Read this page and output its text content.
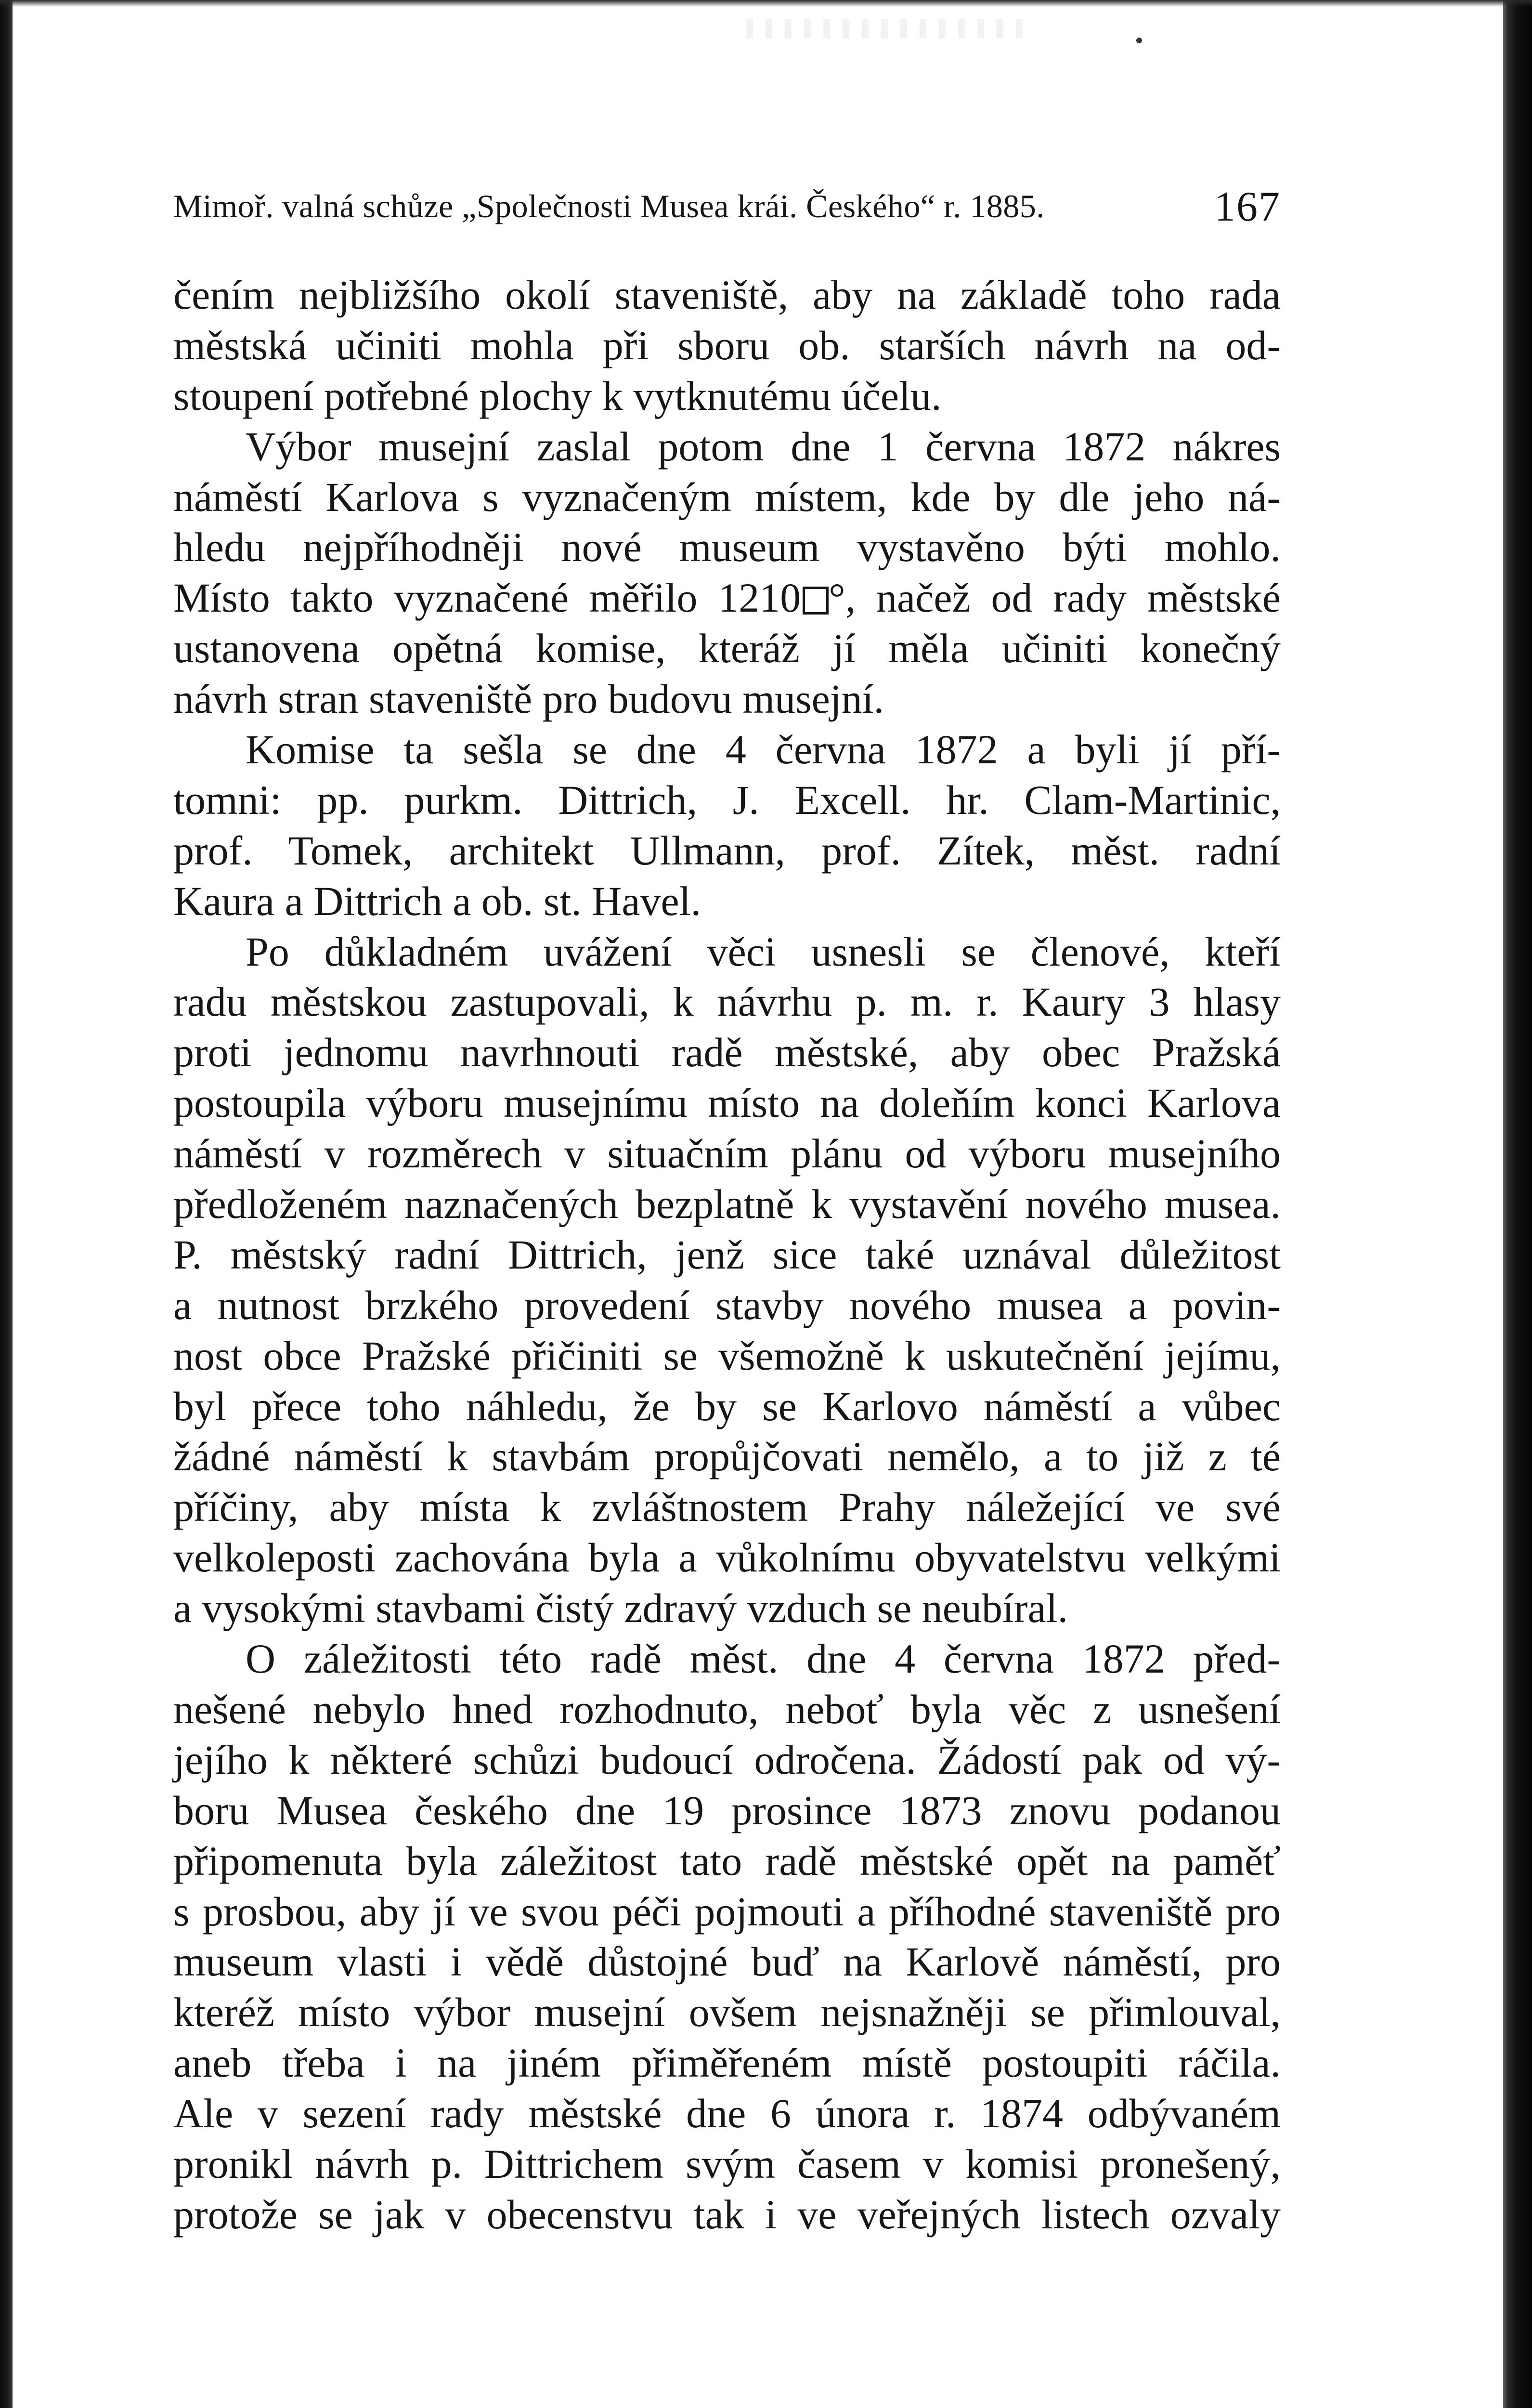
Mimoř. valná schůze „Společnosti Musea krái. Českého“ r. 1885.	167
čením nejbližšího okolí staveniště, aby na základě toho rada
městská učiniti mohla při sboru ob. starších návrh na od-
stoupení potřebné plochy k vytknutému účelu.
Výbor musejní zaslal potom dne 1 června 1872 nákres
náměstí Karlova s vyznačeným místem, kde by dle jeho ná-
hledu nejpříhodněji nové museum vystavěno býti mohlo.
Místo takto vyznačené měřilo 1210 °, načež od rady městské
ustanovena opětná komise, kteráž jí měla učiniti konečný
návrh stran staveniště pro budovu musejní.
Komise ta sešla se dne 4 června 1872 a byli jí pří-
tomni: pp. purkm. Dittrich, J. Excell. hr. Clam-Martinic,
prof. Tomek, architekt Ullmann, prof. Zítek, měst. radní
Kaura a Dittrich a ob. st. Havel.
Po důkladném uvážení věci usnesli se členové, kteří
radu městskou zastupovali, k návrhu p. m. r. Kaury 3 hlasy
proti jednomu navrhnouti radě městské, aby obec Pražská
postoupila výboru musejnímu místo na doleňím konci Karlova
náměstí v rozměrech v situačním plánu od výboru musejního
předloženém naznačených bezplatně k vystavění nového musea.
P. městský radní Dittrich, jenž sice také uznával důležitost
a nutnost brzkého provedení stavby nového musea a povin-
nost obce Pražské přičiniti se všemožně k uskutečnění jejímu,
byl přece toho náhledu, že by se Karlovo náměstí a vůbec
žádné náměstí k stavbám propůjčovati nemělo, a to již z té
příčiny, aby místa k zvláštnostem Prahy náležející ve své
velkoleposti zachována byla a vůkolnímu obyvatelstvu velkými
a vysokými stavbami čistý zdravý vzduch se neubíral.
O záležitosti této radě měst. dne 4 června 1872 před-
nešené nebylo hned rozhodnuto, neboť byla věc z usnešení
jejího k některé schůzi budoucí odročena. Žádostí pak od vý-
boru Musea českého dne 19 prosince 1873 znovu podanou
připomenuta byla záležitost tato radě městské opět na paměť
s prosbou, aby jí ve svou péči pojmouti a příhodné staveniště pro
museum vlasti i vědě důstojné buď na Karlově náměstí, pro
kteréž místo výbor musejní ovšem nejsnažněji se přimlouval,
aneb třeba i na jiném přiměřeném místě postoupiti ráčila.
Ale v sezení rady městské dne 6 února r. 1874 odbývaném
pronikl návrh p. Dittrichem svým časem v komisi pronešený,
protože se jak v obecenstvu tak i ve veřejných listech ozvaly
